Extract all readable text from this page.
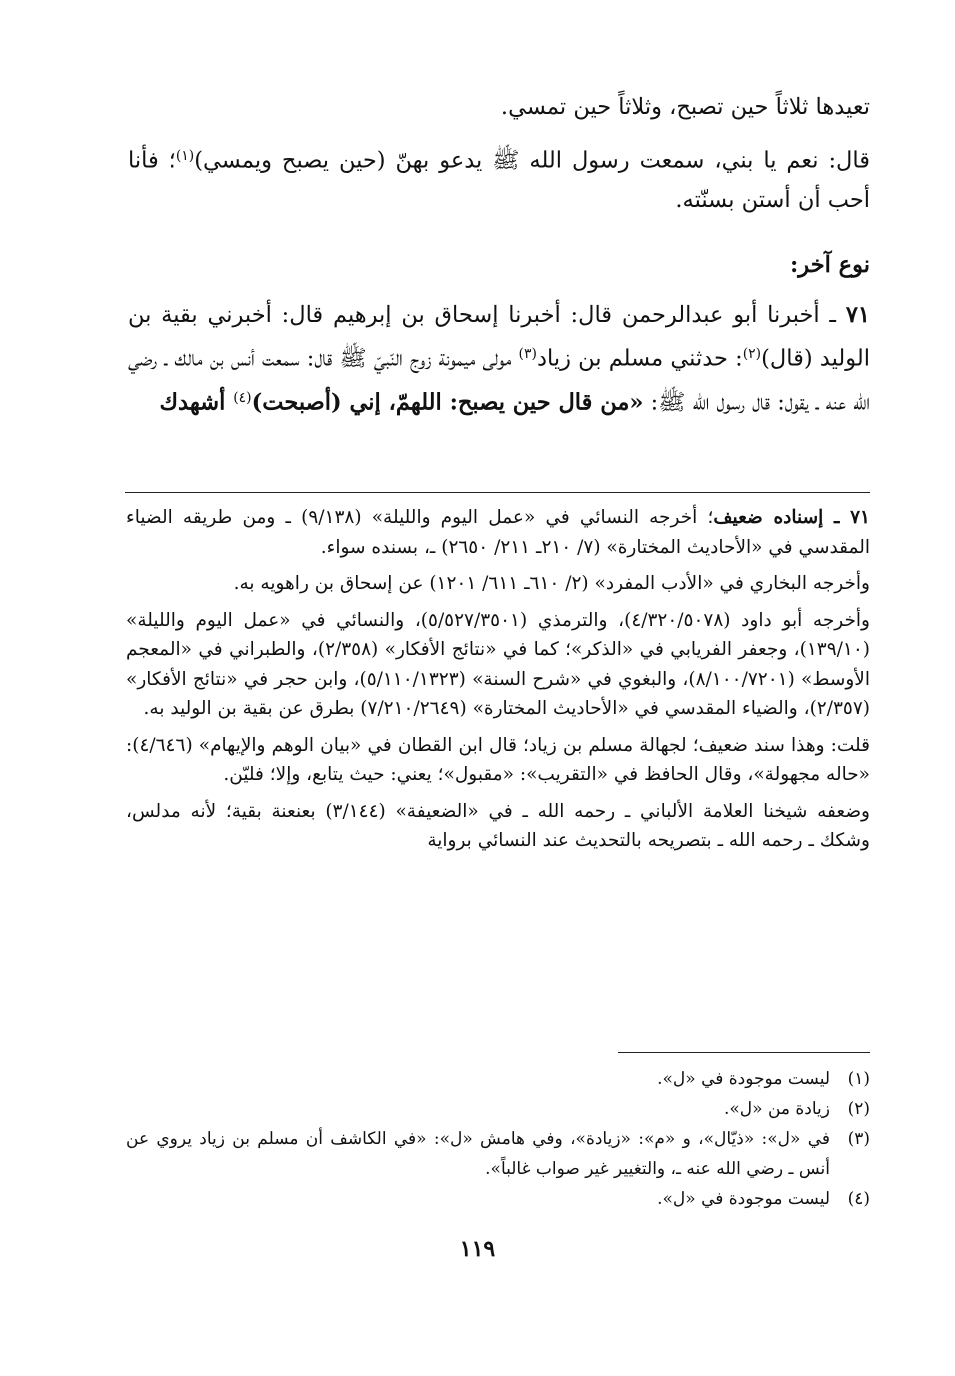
تعيدها ثلاثاً حين تصبح، وثلاثاً حين تمسي.

قال: نعم يا بني، سمعت رسول الله ﷺ يدعو بهنّ (حين يصبح ويمسي)$^{(١)}$؛ فأنا أحب أن أستن بسنّته.

نوع آخر:

٧١ ـ أخبرنا أبو عبدالرحمن قال: أخبرنا إسحاق بن إبرهيم قال: أخبرني بقية بن الوليد (قال)$^{(٢)}$: حدثني مسلم بن زياد$^{(٣)}$ مولى ميمونة زوج النّبيّ ﷺ قال: سمعت أنس بن مالك ـ رضي الله عنه ـ يقول: قال رسول الله ﷺ: «من قال حين يصبح: اللهمّ، إني (أصبحت)$^{(٤)}$ أشهدك

٧١ ـ إسناده ضعيف؛ أخرجه النسائي في «عمل اليوم والليلة» (٩/١٣٨) ـ ومن طريقه الضياء المقدسي في «الأحاديث المختارة» (٧/ ٢١٠ـ ٢١١/ ٢٦٥٠) ـ، بسنده سواء.

وأخرجه البخاري في «الأدب المفرد» (٢/ ٦١٠ـ ٦١١/ ١٢٠١) عن إسحاق بن راهويه به.

وأخرجه أبو داود (٤/٣٢٠/٥٠٧٨)، والترمذي (٥/٥٢٧/٣٥٠١)، والنسائي في «عمل اليوم والليلة» (١٣٩/١٠)، وجعفر الفريابي في «الذكر»؛ كما في «نتائج الأفكار» (٢/٣٥٨)، والطبراني في «المعجم الأوسط» (٨/١٠٠/٧٢٠١)، والبغوي في «شرح السنة» (٥/١١٠/١٣٢٣)، وابن حجر في «نتائج الأفكار» (٢/٣٥٧)، والضياء المقدسي في «الأحاديث المختارة» (٧/٢١٠/٢٦٤٩) بطرق عن بقية بن الوليد به.

قلت: وهذا سند ضعيف؛ لجهالة مسلم بن زياد؛ قال ابن القطان في «بيان الوهم والإيهام» (٤/٦٤٦): «حاله مجهولة»، وقال الحافظ في «التقريب»: «مقبول»؛ يعني: حيث يتابع، وإلا؛ فليّن.

وضعفه شيخنا العلامة الألباني ـ رحمه الله ـ في «الضعيفة» (٣/١٤٤) بعنعنة بقية؛ لأنه مدلس، وشكك ـ رحمه الله ـ بتصريحه بالتحديث عند النسائي برواية

(١)
ليست موجودة في «ل».
(٢)
زيادة من «ل».
(٣)
في «ل»: «ذيّال»، و «م»: «زيادة»، وفي هامش «ل»: «في الكاشف أن مسلم بن زياد يروي عن أنس ـ رضي الله عنه ـ، والتغيير غير صواب غالباً».
(٤)
ليست موجودة في «ل».
١١٩
